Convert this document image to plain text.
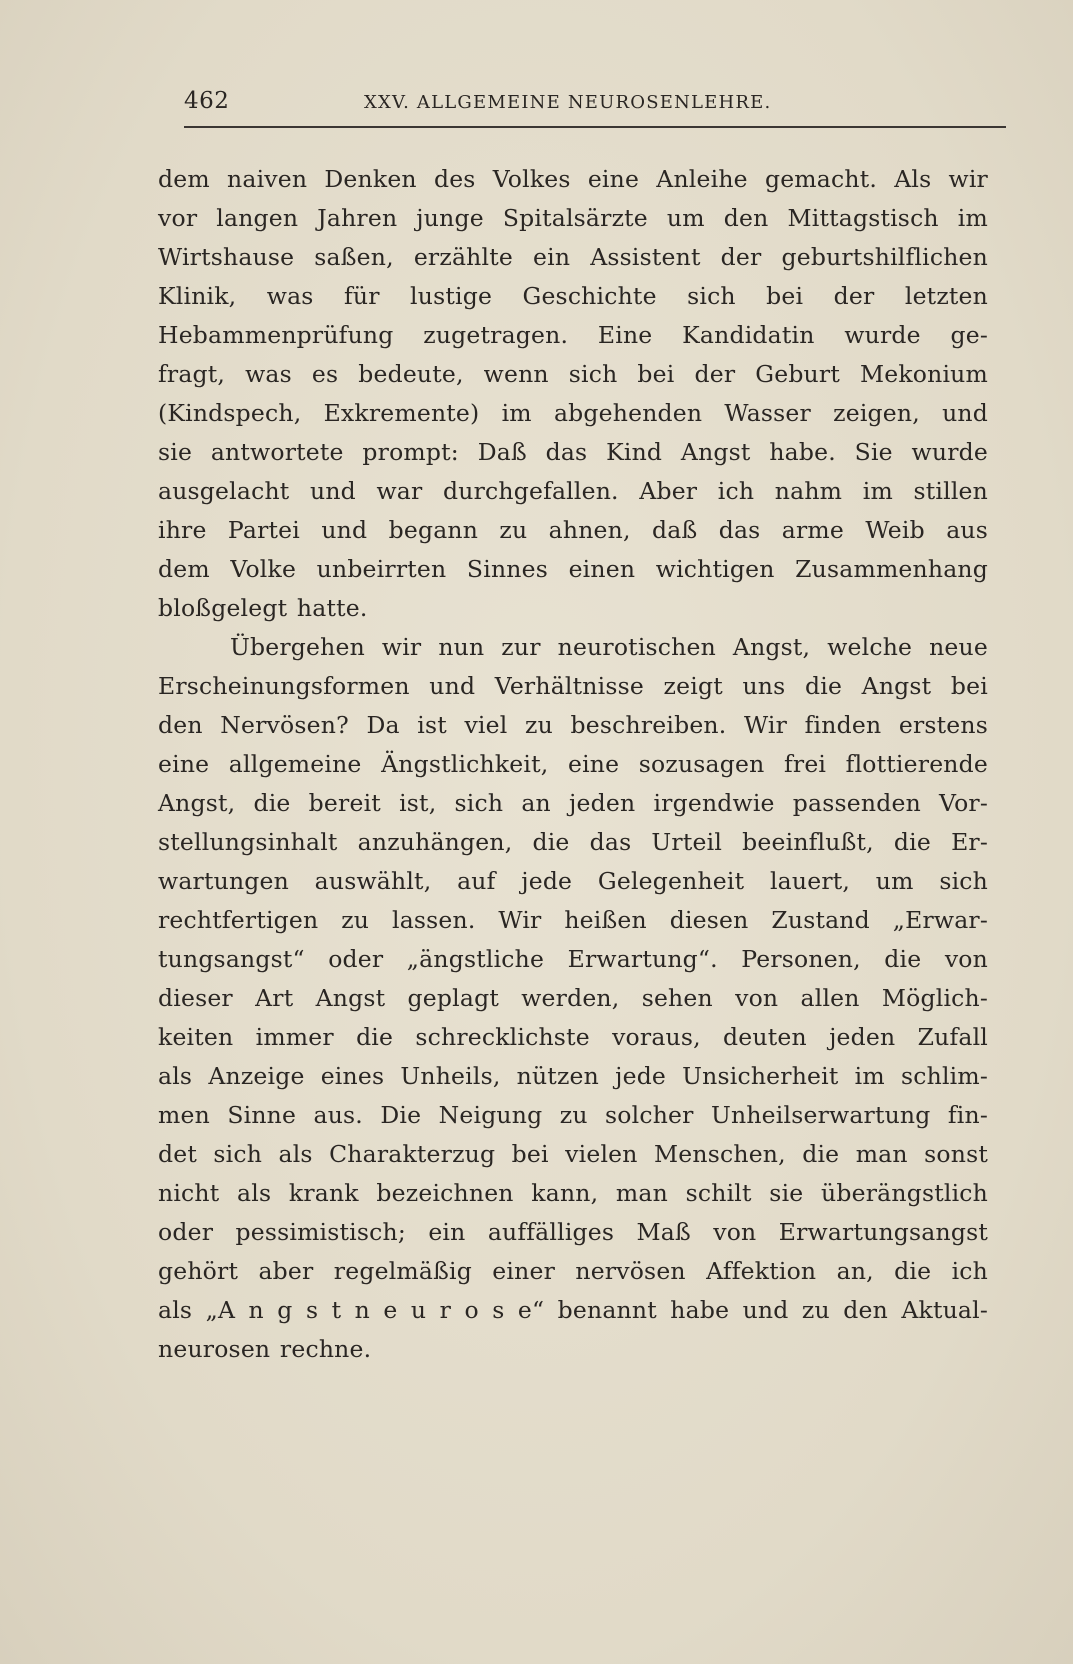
462	XXV. ALLGEMEINE NEUROSENLEHRE.
dem naiven Denken des Volkes eine Anleihe gemacht. Als wir
vor langen Jahren junge Spitalsärzte um den Mittagstisch im
Wirtshause saßen, erzählte ein Assistent der geburtshilflichen
Klinik, was für lustige Geschichte sich bei der letzten
Hebammenprüfung zugetragen. Eine Kandidatin wurde ge-
fragt, was es bedeute, wenn sich bei der Geburt Mekonium
(Kindspech, Exkremente) im abgehenden Wasser zeigen, und
sie antwortete prompt: Daß das Kind Angst habe. Sie wurde
ausgelacht und war durchgefallen. Aber ich nahm im stillen
ihre Partei und begann zu ahnen, daß das arme Weib aus
dem Volke unbeirrten Sinnes einen wichtigen Zusammenhang
bloßgelegt hatte.
Übergehen wir nun zur neurotischen Angst, welche neue
Erscheinungsformen und Verhältnisse zeigt uns die Angst bei
den Nervösen? Da ist viel zu beschreiben. Wir finden erstens
eine allgemeine Ängstlichkeit, eine sozusagen frei flottierende
Angst, die bereit ist, sich an jeden irgendwie passenden Vor-
stellungsinhalt anzuhängen, die das Urteil beeinflußt, die Er-
wartungen auswählt, auf jede Gelegenheit lauert, um sich
rechtfertigen zu lassen. Wir heißen diesen Zustand „Erwar-
tungsangst“ oder „ängstliche Erwartung“. Personen, die von
dieser Art Angst geplagt werden, sehen von allen Möglich-
keiten immer die schrecklichste voraus, deuten jeden Zufall
als Anzeige eines Unheils, nützen jede Unsicherheit im schlim-
men Sinne aus. Die Neigung zu solcher Unheilserwartung fin-
det sich als Charakterzug bei vielen Menschen, die man sonst
nicht als krank bezeichnen kann, man schilt sie überängstlich
oder pessimistisch; ein auffälliges Maß von Erwartungsangst
gehört aber regelmäßig einer nervösen Affektion an, die ich
als „A n g s t n e u r o s e“ benannt habe und zu den Aktual-
neurosen rechne.
